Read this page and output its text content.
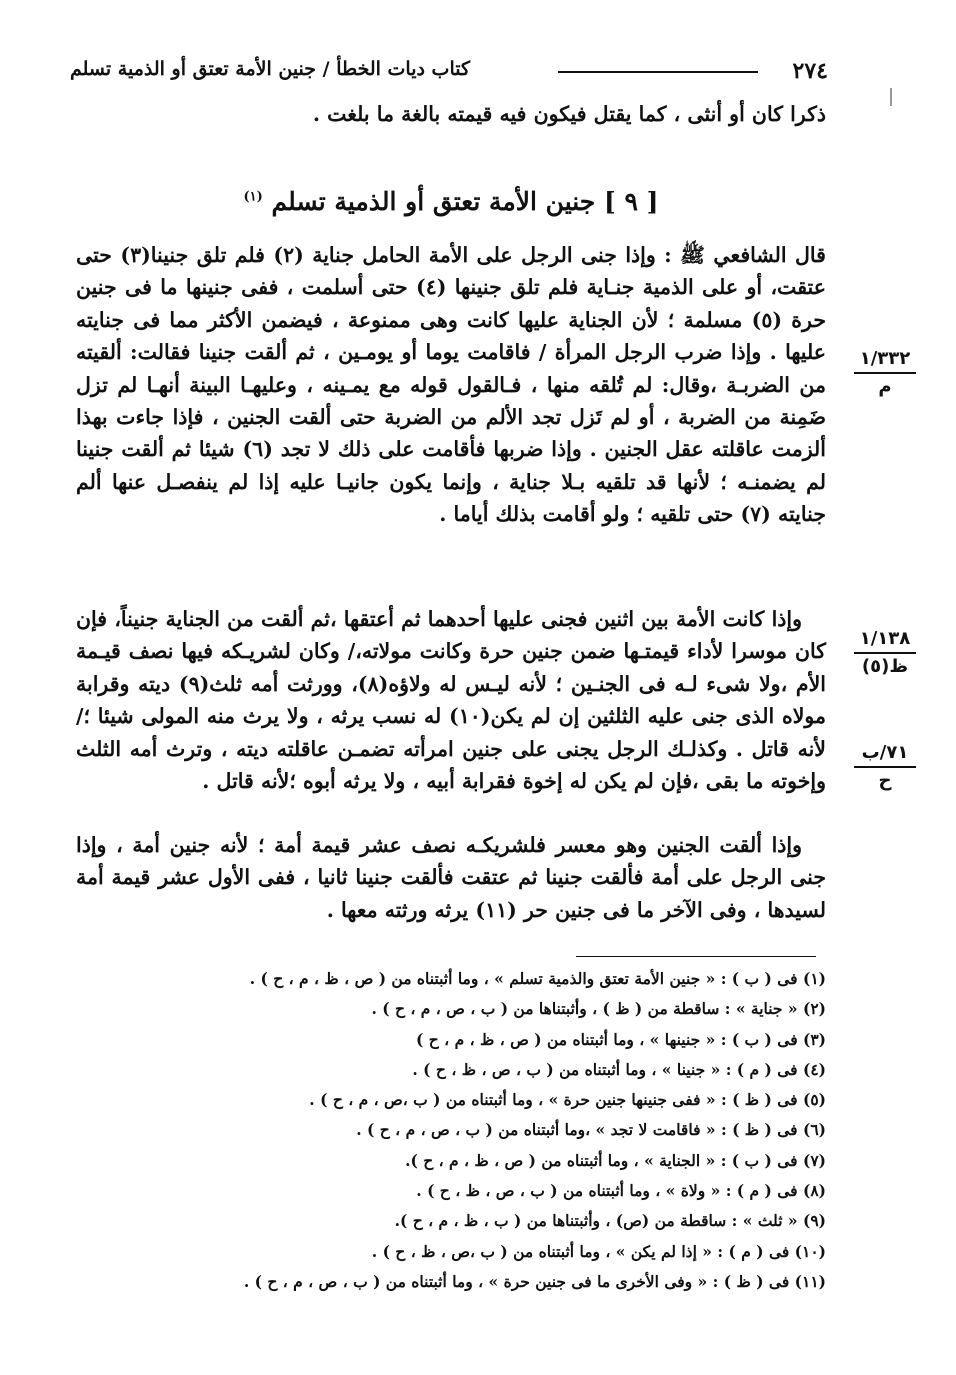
٢٧٤
كتاب ديات الخطأ / جنين الأمة تعتق أو الذمية تسلم

ذكرا كان أو أنثى ، كما يقتل فيكون فيه قيمته بالغة ما بلغت .

[ ٩ ] جنين الأمة تعتق أو الذمية تسلم $^{(١)}$

قال الشافعي ﷺ : وإذا جنى الرجل على الأمة الحامل جناية (٢) فلم تلق جنينا(٣) حتى عتقت، أو على الذمية جنـاية فلم تلق جنينها (٤) حتى أسلمت ، ففى جنينها ما فى جنين حرة (٥) مسلمة ؛ لأن الجناية عليها كانت وهى ممنوعة ، فيضمن الأكثر مما فى جنايته عليها . وإذا ضرب الرجل المرأة / فاقامت يوما أو يومـين ، ثم ألقت جنينا فقالت: ألقيته من الضربـة ،وقال: لم تُلقه منها ، فـالقول قوله مع يمـينه ، وعليهـا البينة أنهـا لم تزل ضَمِنة من الضربة ، أو لم تَزل تجد الألم من الضربة حتى ألقت الجنين ، فإذا جاءت بهذا ألزمت عاقلته عقل الجنين . وإذا ضربها فأقامت على ذلك لا تجد (٦) شيئا ثم ألقت جنينا لم يضمنـه ؛ لأنها قد تلقيه بـلا جناية ، وإنما يكون جانيـا عليه إذا لم ينفصـل عنها ألم جنايته (٧) حتى تلقيه ؛ ولو أقامت بذلك أياما .

وإذا كانت الأمة بين اثنين فجنى عليها أحدهما ثم أعتقها ،ثم ألقت من الجناية جنيناً، فإن كان موسرا لأداء قيمتـها ضمن جنين حرة وكانت مولاته،/ وكان لشريـكه فيها نصف قيـمة الأم ،ولا شىء لـه فى الجنـين ؛ لأنه ليـس له ولاؤه(٨)، وورثت أمه ثلث(٩) ديته وقرابة مولاه الذى جنى عليه الثلثين إن لم يكن(١٠) له نسب يرثه ، ولا يرث منه المولى شيئا ؛/ لأنه قاتل . وكذلـك الرجل يجنى على جنين امرأته تضمـن عاقلته ديته ، وترث أمه الثلث وإخوته ما بقى ،فإن لم يكن له إخوة فقرابة أبيه ، ولا يرثه أبوه ؛لأنه قاتل .

وإذا ألقت الجنين وهو معسر فلشريكـه نصف عشر قيمة أمة ؛ لأنه جنين أمة ، وإذا جنى الرجل على أمة فألقت جنينا ثم عتقت فألقت جنينا ثانيا ، ففى الأول عشر قيمة أمة لسيدها ، وفى الآخر ما فى جنين حر (١١) يرثه ورثته معها .

١/٣٣٢
م
١/١٣٨
ظ(٥)
٧١/ب
ح
(١) فى ( ب ) : « جنين الأمة تعتق والذمية تسلم » ، وما أثبتناه من ( ص ، ظ ، م ، ح ) .
(٢) « جناية » : ساقطة من ( ظ ) ، وأثبتناها من ( ب ، ص ، م ، ح ) .
(٣) فى ( ب ) : « جنينها » ، وما أثبتناه من ( ص ، ظ ، م ، ح )
(٤) فى ( م ) : « جنينا » ، وما أثبتناه من ( ب ، ص ، ظ ، ح ) .
(٥) فى ( ظ ) : « ففى جنينها جنين حرة » ، وما أثبتناه من ( ب ،ص ، م ، ح ) .
(٦) فى ( ظ ) : « فاقامت لا تجد » ،وما أثبتناه من ( ب ، ص ، م ، ح ) .
(٧) فى ( ب ) : « الجناية » ، وما أثبتناه من ( ص ، ظ ، م ، ح ).
(٨) فى ( م ) : « ولاة » ، وما أثبتناه من ( ب ، ص ، ظ ، ح ) .
(٩) « ثلث » : ساقطة من (ص) ، وأثبتناها من ( ب ، ظ ، م ، ح ).
(١٠) فى ( م ) : « إذا لم يكن » ، وما أثبتناه من ( ب ،ص ، ظ ، ح ) .
(١١) فى ( ظ ) : « وفى الأخرى ما فى جنين حرة » ، وما أثبتناه من ( ب ، ص ، م ، ح ) .
